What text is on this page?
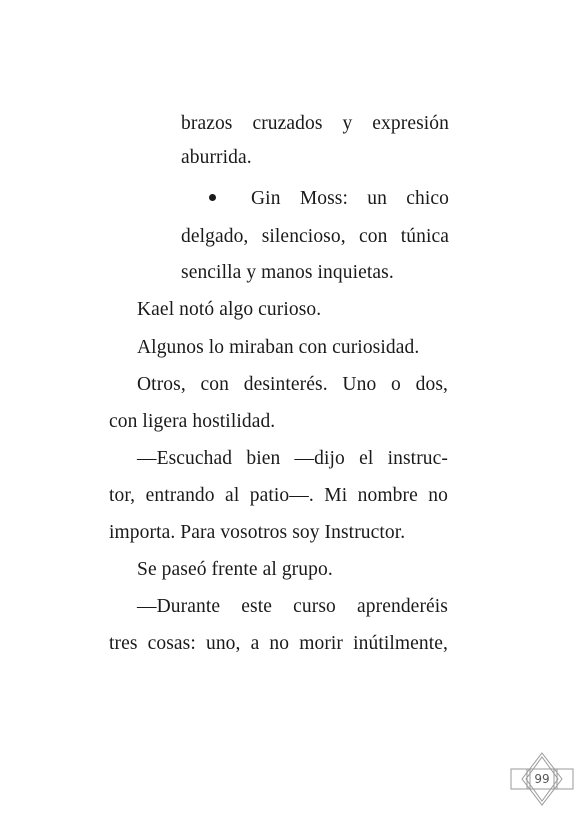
brazos cruzados y expresión
aburrida.
Gin Moss: un chico
delgado, silencioso, con túnica
sencilla y manos inquietas.
Kael notó algo curioso.
Algunos lo miraban con curiosidad.
Otros, con desinterés. Uno o dos,
con ligera hostilidad.
—Escuchad bien —dijo el instruc-
tor, entrando al patio—. Mi nombre no
importa. Para vosotros soy Instructor.
Se paseó frente al grupo.
—Durante este curso aprenderéis
tres cosas: uno, a no morir inútilmente,
99
